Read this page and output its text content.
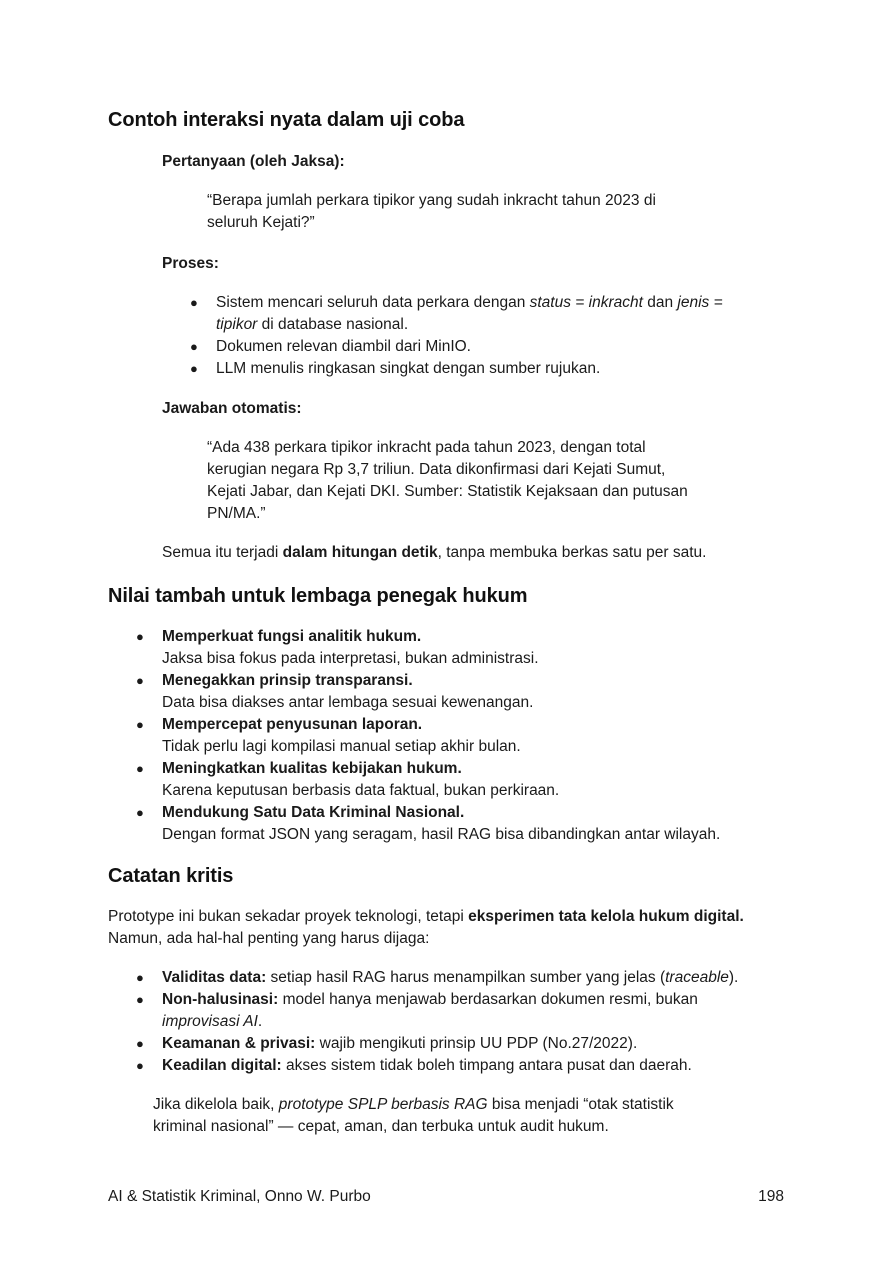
Contoh interaksi nyata dalam uji coba
Pertanyaan (oleh Jaksa):
“Berapa jumlah perkara tipikor yang sudah inkracht tahun 2023 di
seluruh Kejati?”
Proses:
● Sistem mencari seluruh data perkara dengan status = inkracht dan jenis =
tipikor di database nasional.
● Dokumen relevan diambil dari MinIO.
● LLM menulis ringkasan singkat dengan sumber rujukan.
Jawaban otomatis:
“Ada 438 perkara tipikor inkracht pada tahun 2023, dengan total
kerugian negara Rp 3,7 triliun. Data dikonfirmasi dari Kejati Sumut,
Kejati Jabar, dan Kejati DKI. Sumber: Statistik Kejaksaan dan putusan
PN/MA.”
Semua itu terjadi dalam hitungan detik, tanpa membuka berkas satu per satu.
Nilai tambah untuk lembaga penegak hukum
● Memperkuat fungsi analitik hukum.
Jaksa bisa fokus pada interpretasi, bukan administrasi.
● Menegakkan prinsip transparansi.
Data bisa diakses antar lembaga sesuai kewenangan.
● Mempercepat penyusunan laporan.
Tidak perlu lagi kompilasi manual setiap akhir bulan.
● Meningkatkan kualitas kebijakan hukum.
Karena keputusan berbasis data faktual, bukan perkiraan.
● Mendukung Satu Data Kriminal Nasional.
Dengan format JSON yang seragam, hasil RAG bisa dibandingkan antar wilayah.
Catatan kritis
Prototype ini bukan sekadar proyek teknologi, tetapi eksperimen tata kelola hukum digital.
Namun, ada hal-hal penting yang harus dijaga:
● Validitas data: setiap hasil RAG harus menampilkan sumber yang jelas (traceable).
● Non-halusinasi: model hanya menjawab berdasarkan dokumen resmi, bukan
improvisasi AI.
● Keamanan & privasi: wajib mengikuti prinsip UU PDP (No.27/2022).
● Keadilan digital: akses sistem tidak boleh timpang antara pusat dan daerah.
Jika dikelola baik, prototype SPLP berbasis RAG bisa menjadi “otak statistik
kriminal nasional” — cepat, aman, dan terbuka untuk audit hukum.
AI & Statistik Kriminal, Onno W. Purbo	198
